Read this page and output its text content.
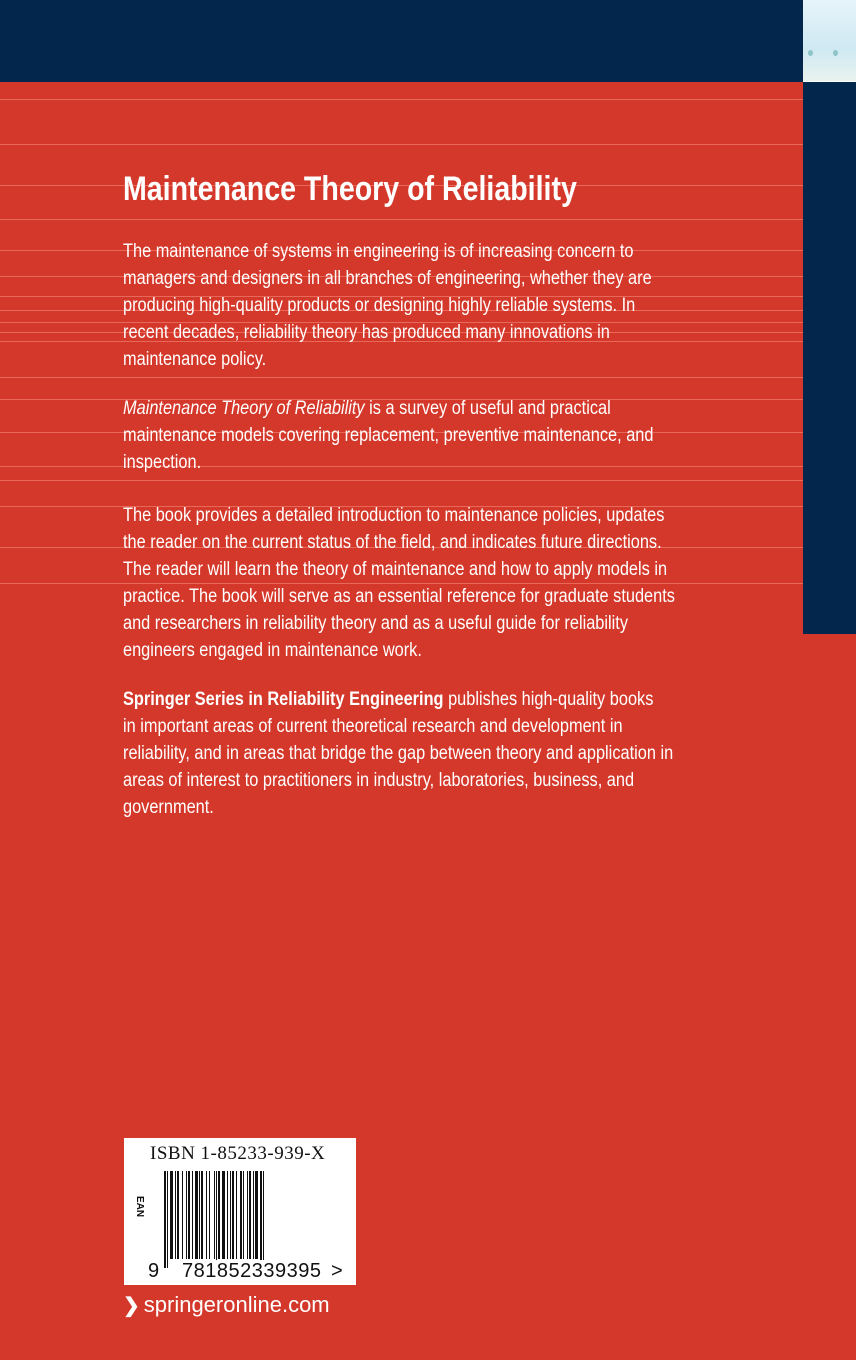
Maintenance Theory of Reliability
The maintenance of systems in engineering is of increasing concern to
managers and designers in all branches of engineering, whether they are
producing high-quality products or designing highly reliable systems. In
recent decades, reliability theory has produced many innovations in
maintenance policy.
Maintenance Theory of Reliability is a survey of useful and practical
maintenance models covering replacement, preventive maintenance, and
inspection.
The book provides a detailed introduction to maintenance policies, updates
the reader on the current status of the field, and indicates future directions.
The reader will learn the theory of maintenance and how to apply models in
practice. The book will serve as an essential reference for graduate students
and researchers in reliability theory and as a useful guide for reliability
engineers engaged in maintenance work.
Springer Series in Reliability Engineering publishes high-quality books
in important areas of current theoretical research and development in
reliability, and in areas that bridge the gap between theory and application in
areas of interest to practitioners in industry, laboratories, business, and
government.
ISBN 1-85233-939-X
EAN
9 781852339395 >
❯ springeronline.com
